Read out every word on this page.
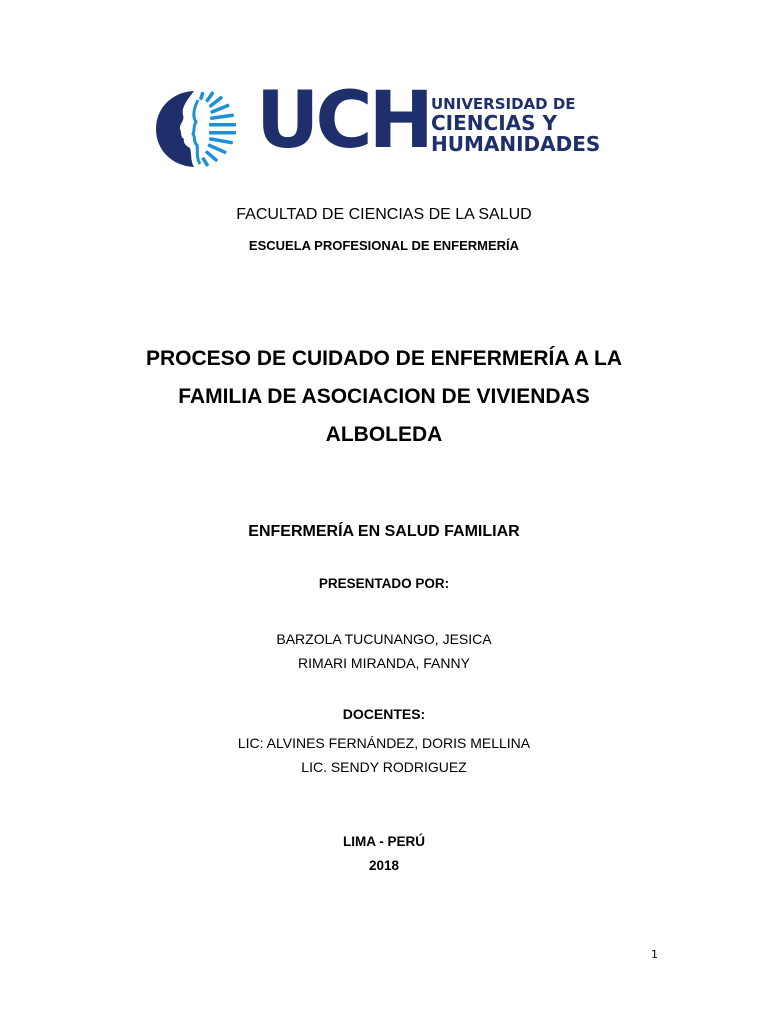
UCH UNIVERSIDAD DE
CIENCIAS Y
HUMANIDADES
FACULTAD DE CIENCIAS DE LA SALUD
ESCUELA PROFESIONAL DE ENFERMERÍA
PROCESO DE CUIDADO DE ENFERMERÍA A LA
FAMILIA DE ASOCIACION DE VIVIENDAS
ALBOLEDA
ENFERMERÍA EN SALUD FAMILIAR
PRESENTADO POR:
BARZOLA TUCUNANGO, JESICA
RIMARI MIRANDA, FANNY
DOCENTES:
LIC: ALVINES FERNÁNDEZ, DORIS MELLINA
LIC. SENDY RODRIGUEZ
LIMA - PERÚ
2018
1
